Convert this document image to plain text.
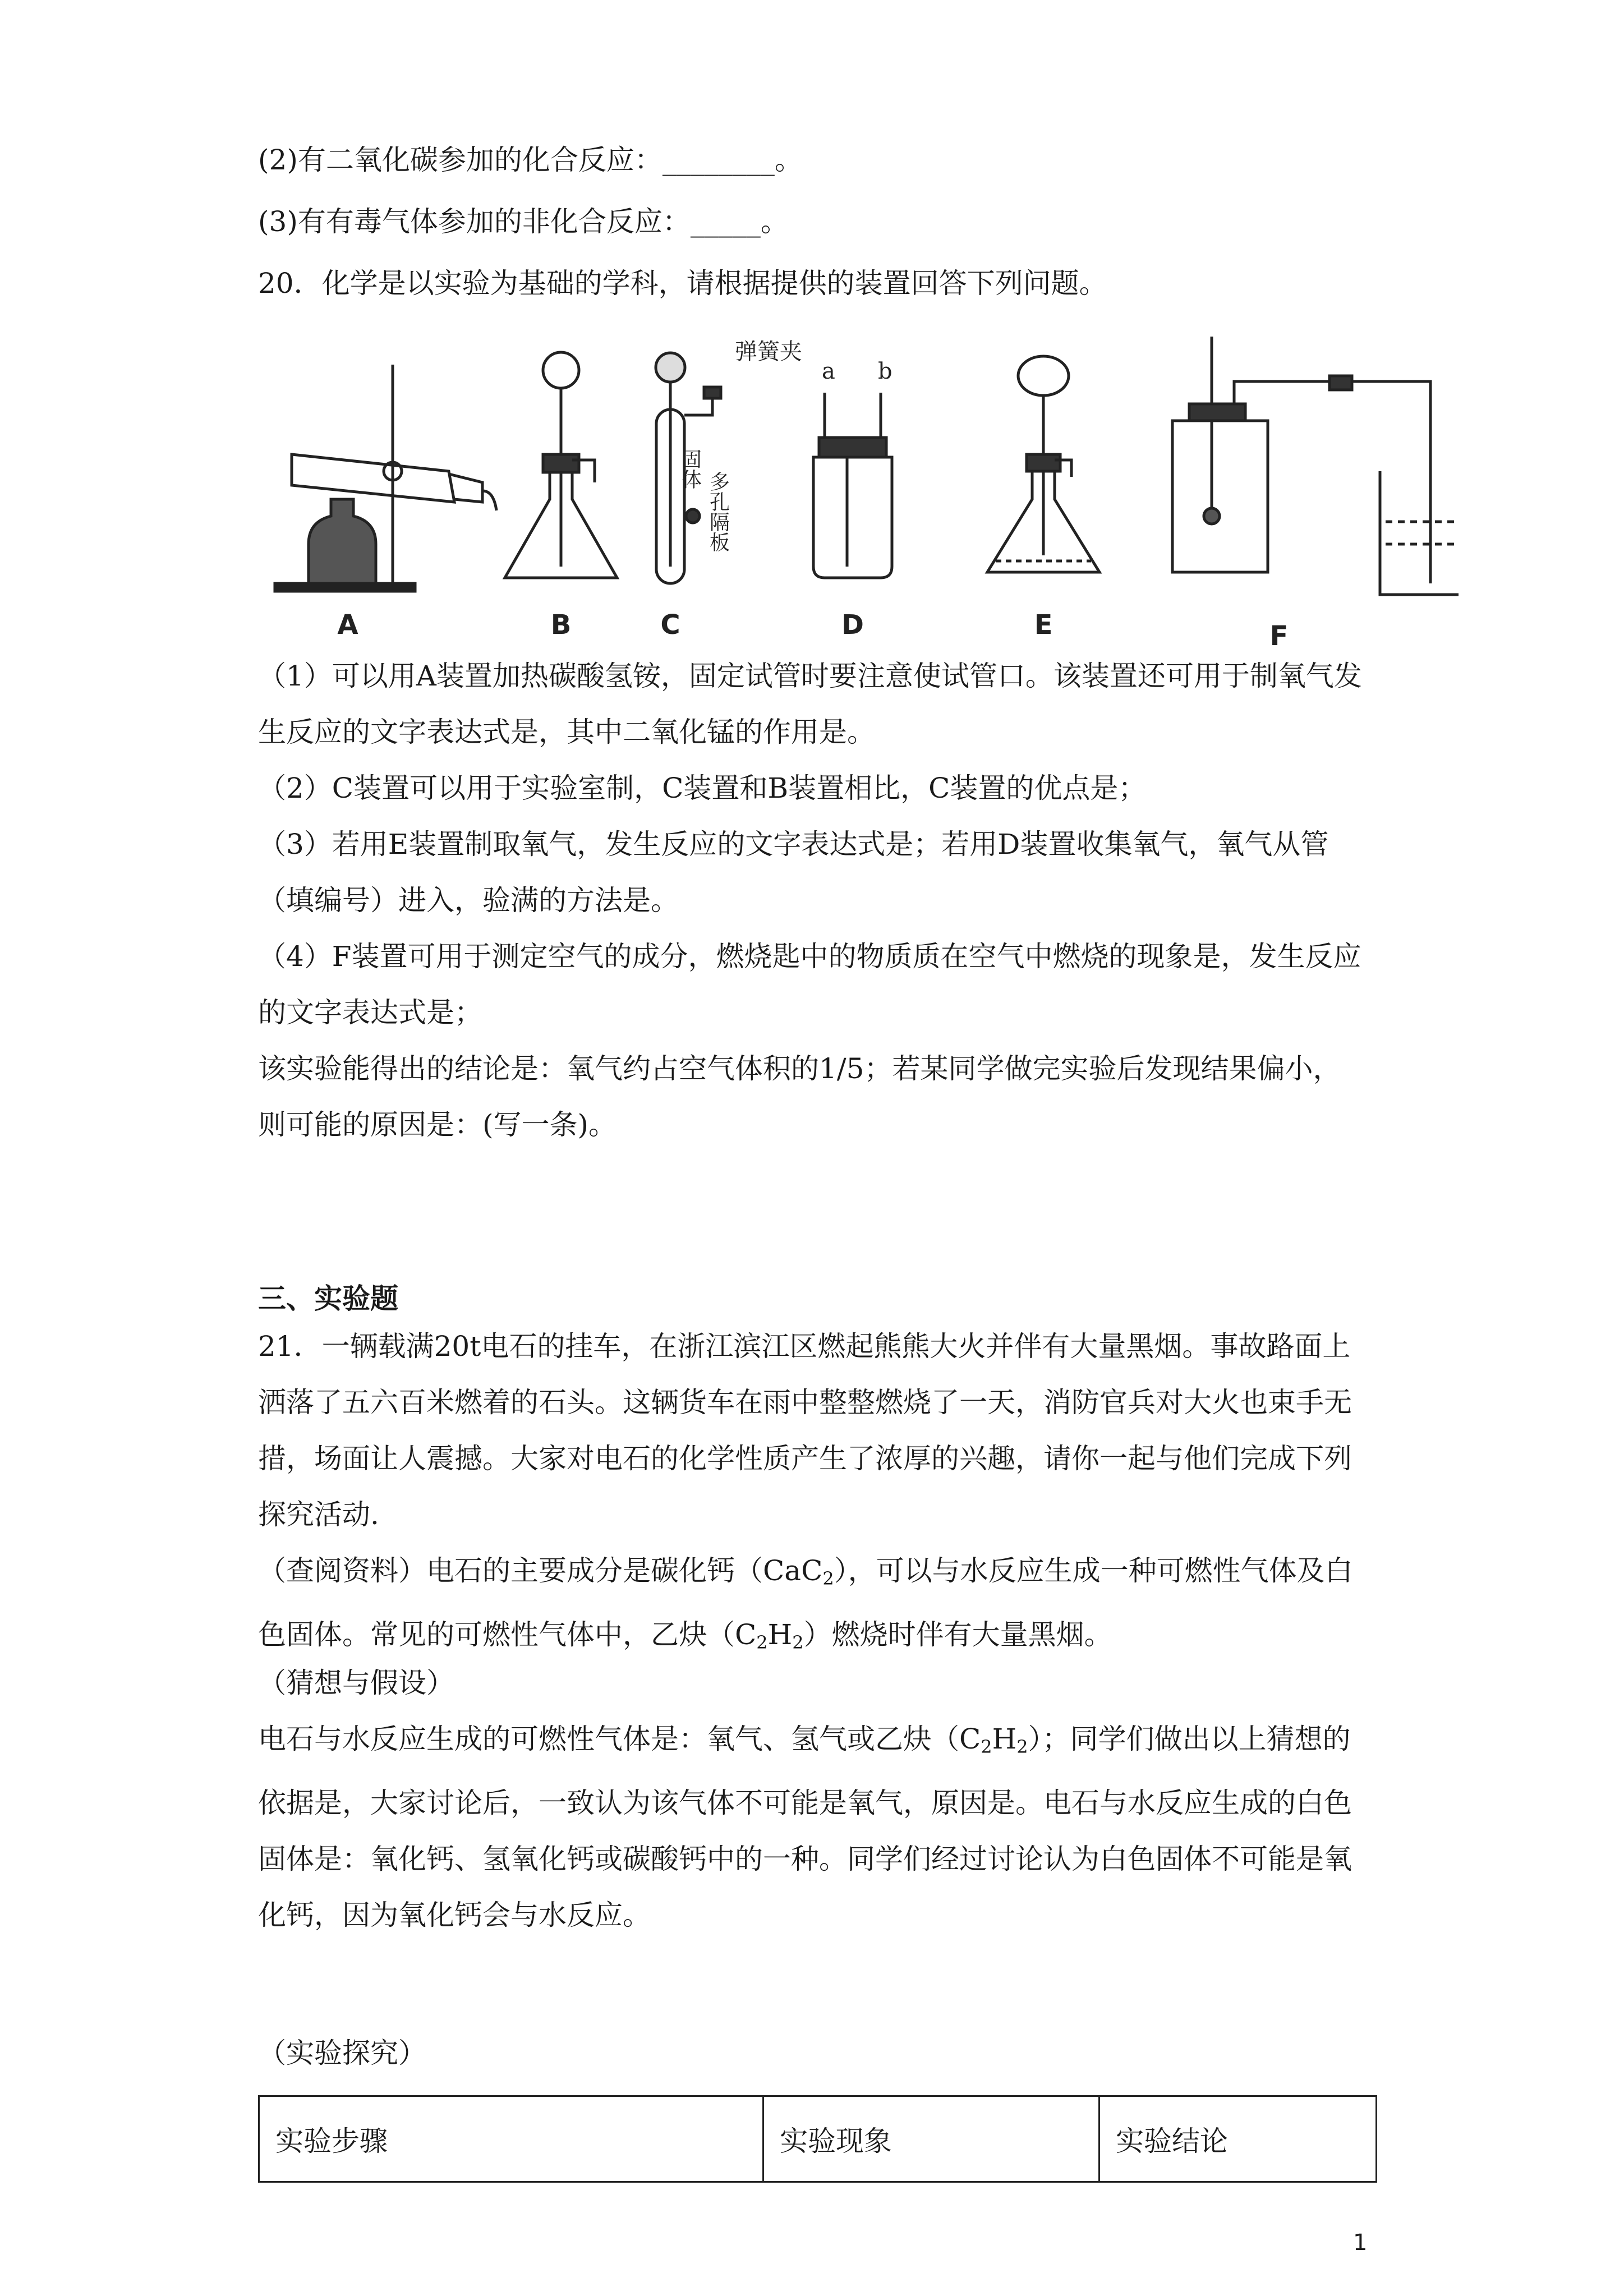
(2)有二氧化碳参加的化合反应：________。
(3)有有毒气体参加的非化合反应：_____。
20．化学是以实验为基础的学科，请根据提供的装置回答下列问题。
A	B
弹簧夹
固体
多孔隔板
C
a b
D	E	F
（1）可以用A装置加热碳酸氢铵，固定试管时要注意使试管口。该装置还可用于制氧气发生反应的文字表达式是，其中二氧化锰的作用是。
（2）C装置可以用于实验室制，C装置和B装置相比，C装置的优点是；
（3）若用E装置制取氧气，发生反应的文字表达式是；若用D装置收集氧气，氧气从管（填编号）进入，验满的方法是。
（4）F装置可用于测定空气的成分，燃烧匙中的物质质在空气中燃烧的现象是，发生反应的文字表达式是；
该实验能得出的结论是：氧气约占空气体积的1/5；若某同学做完实验后发现结果偏小，则可能的原因是：(写一条)。
三、实验题
21．一辆载满20t电石的挂车，在浙江滨江区燃起熊熊大火并伴有大量黑烟。事故路面上洒落了五六百米燃着的石头。这辆货车在雨中整整燃烧了一天，消防官兵对大火也束手无措，场面让人震撼。大家对电石的化学性质产生了浓厚的兴趣，请你一起与他们完成下列探究活动.
（查阅资料）电石的主要成分是碳化钙（CaC$_2$），可以与水反应生成一种可燃性气体及白色固体。常见的可燃性气体中，乙炔$(C_2H_2)$燃烧时伴有大量黑烟。
（猜想与假设）
电石与水反应生成的可燃性气体是：氧气、氢气或乙炔$(C_2H_2)$；同学们做出以上猜想的依据是，大家讨论后，一致认为该气体不可能是氧气，原因是。电石与水反应生成的白色固体是：氧化钙、氢氧化钙或碳酸钙中的一种。同学们经过讨论认为白色固体不可能是氧化钙，因为氧化钙会与水反应。
（实验探究）
实验步骤	实验现象	实验结论
1
